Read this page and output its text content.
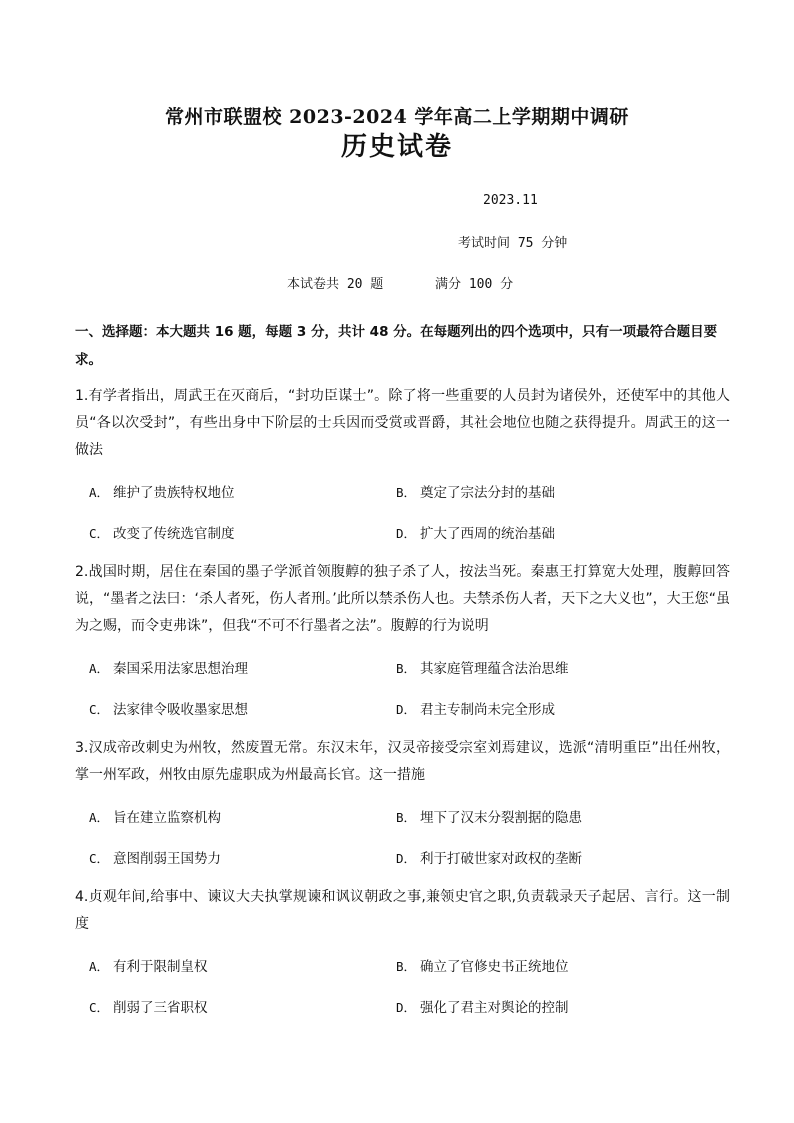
常州市联盟校 2023-2024 学年高二上学期期中调研
历史试卷
2023.11
考试时间 75 分钟
本试卷共 20 题	满分 100 分
一、选择题：本大题共 16 题，每题 3 分，共计 48 分。在每题列出的四个选项中，只有一项最符合题目要求。
1.有学者指出，周武王在灭商后，“封功臣谋士”。除了将一些重要的人员封为诸侯外，还使军中的其他人员“各以次受封”，有些出身中下阶层的士兵因而受赏或晋爵，其社会地位也随之获得提升。周武王的这一做法
A． 维护了贵族特权地位	B． 奠定了宗法分封的基础
C． 改变了传统选官制度	D． 扩大了西周的统治基础
2.战国时期，居住在秦国的墨子学派首领腹䵍的独子杀了人，按法当死。秦惠王打算宽大处理，腹䵍回答说，“墨者之法曰：‘杀人者死，伤人者刑。’此所以禁杀伤人也。夫禁杀伤人者，天下之大义也”，大王您“虽为之赐，而令吏弗诛”，但我“不可不行墨者之法”。腹䵍的行为说明
A． 秦国采用法家思想治理	B． 其家庭管理蕴含法治思维
C． 法家律令吸收墨家思想	D． 君主专制尚未完全形成
3.汉成帝改刺史为州牧，然废置无常。东汉末年，汉灵帝接受宗室刘焉建议，选派“清明重臣”出任州牧，掌一州军政，州牧由原先虚职成为州最高长官。这一措施
A． 旨在建立监察机构	B． 埋下了汉末分裂割据的隐患
C． 意图削弱王国势力	D． 利于打破世家对政权的垄断
4.贞观年间,给事中、谏议大夫执掌规谏和讽议朝政之事,兼领史官之职,负责载录天子起居、言行。这一制度
A． 有利于限制皇权	B． 确立了官修史书正统地位
C． 削弱了三省职权	D． 强化了君主对舆论的控制
